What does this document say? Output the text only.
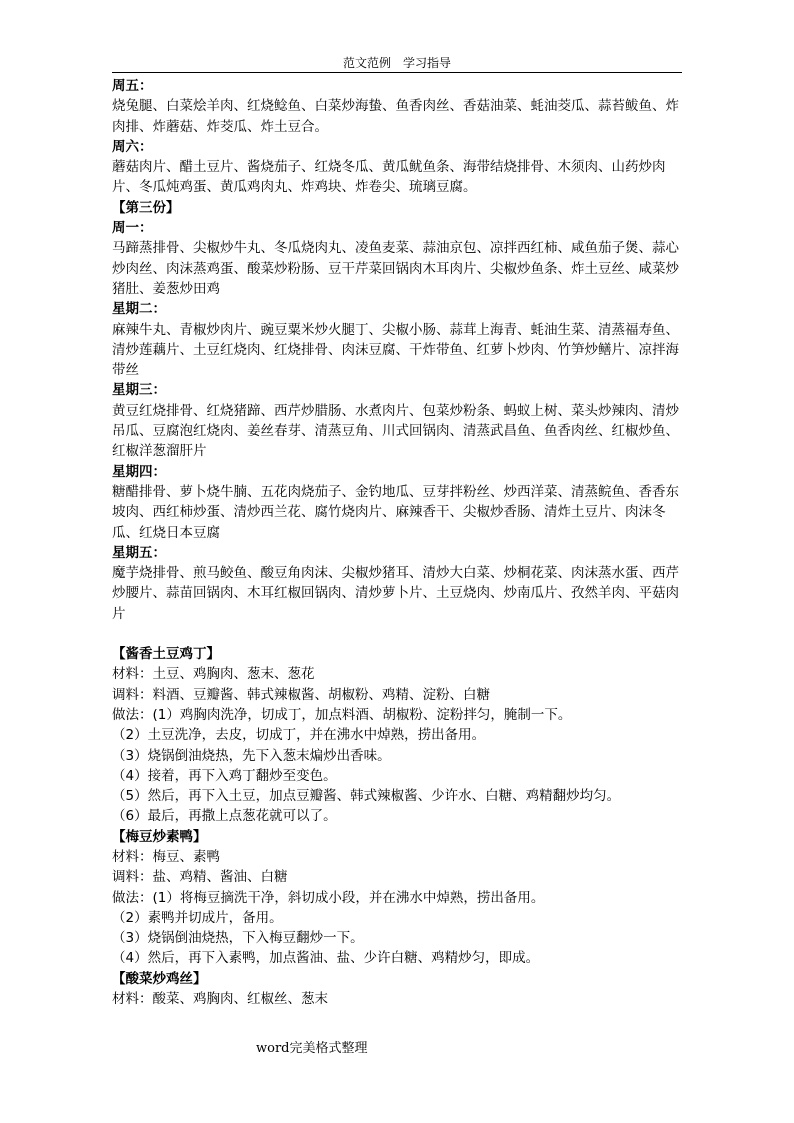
范文范例　学习指导

周五：

烧兔腿、白菜烩羊肉、红烧鲶鱼、白菜炒海蛰、鱼香肉丝、香菇油菜、蚝油茭瓜、蒜苔鲅鱼、炸肉排、炸蘑菇、炸茭瓜、炸土豆合。

周六：

蘑菇肉片、醋土豆片、酱烧茄子、红烧冬瓜、黄瓜鱿鱼条、海带结烧排骨、木须肉、山药炒肉片、冬瓜炖鸡蛋、黄瓜鸡肉丸、炸鸡块、炸卷尖、琉璃豆腐。

【第三份】

周一：

马蹄蒸排骨、尖椒炒牛丸、冬瓜烧肉丸、凌鱼麦菜、蒜油京包、凉拌西红柿、咸鱼茄子煲、蒜心炒肉丝、肉沫蒸鸡蛋、酸菜炒粉肠、豆干芹菜回锅肉木耳肉片、尖椒炒鱼条、炸土豆丝、咸菜炒猪肚、姜葱炒田鸡

星期二：

麻辣牛丸、青椒炒肉片、豌豆粟米炒火腿丁、尖椒小肠、蒜茸上海青、蚝油生菜、清蒸福寿鱼、清炒莲藕片、土豆红烧肉、红烧排骨、肉沫豆腐、干炸带鱼、红萝卜炒肉、竹笋炒鳝片、凉拌海带丝

星期三：

黄豆红烧排骨、红烧猪蹄、西芹炒腊肠、水煮肉片、包菜炒粉条、蚂蚁上树、菜头炒辣肉、清炒吊瓜、豆腐泡红烧肉、姜丝春芽、清蒸豆角、川式回锅肉、清蒸武昌鱼、鱼香肉丝、红椒炒鱼、红椒洋葱溜肝片

星期四：

糖醋排骨、萝卜烧牛腩、五花肉烧茄子、金钓地瓜、豆芽拌粉丝、炒西洋菜、清蒸鲩鱼、香香东坡肉、西红柿炒蛋、清炒西兰花、腐竹烧肉片、麻辣香干、尖椒炒香肠、清炸土豆片、肉沫冬瓜、红烧日本豆腐

星期五：

魔芋烧排骨、煎马鲛鱼、酸豆角肉沫、尖椒炒猪耳、清炒大白菜、炒桐花菜、肉沫蒸水蛋、西芹炒腰片、蒜苗回锅肉、木耳红椒回锅肉、清炒萝卜片、土豆烧肉、炒南瓜片、孜然羊肉、平菇肉片

【酱香土豆鸡丁】

材料：土豆、鸡胸肉、葱末、葱花

调料：料酒、豆瓣酱、韩式辣椒酱、胡椒粉、鸡精、淀粉、白糖

做法：(1）鸡胸肉洗净，切成丁，加点料酒、胡椒粉、淀粉拌匀，腌制一下。

（2）土豆洗净，去皮，切成丁，并在沸水中焯熟，捞出备用。

（3）烧锅倒油烧热，先下入葱末煸炒出香味。

（4）接着，再下入鸡丁翻炒至变色。

（5）然后，再下入土豆，加点豆瓣酱、韩式辣椒酱、少许水、白糖、鸡精翻炒均匀。

（6）最后，再撒上点葱花就可以了。

【梅豆炒素鸭】

材料：梅豆、素鸭

调料：盐、鸡精、酱油、白糖

做法：(1）将梅豆摘洗干净，斜切成小段，并在沸水中焯熟，捞出备用。

（2）素鸭并切成片，备用。

（3）烧锅倒油烧热，下入梅豆翻炒一下。

（4）然后，再下入素鸭，加点酱油、盐、少许白糖、鸡精炒匀，即成。

【酸菜炒鸡丝】

材料：酸菜、鸡胸肉、红椒丝、葱末

word完美格式整理
